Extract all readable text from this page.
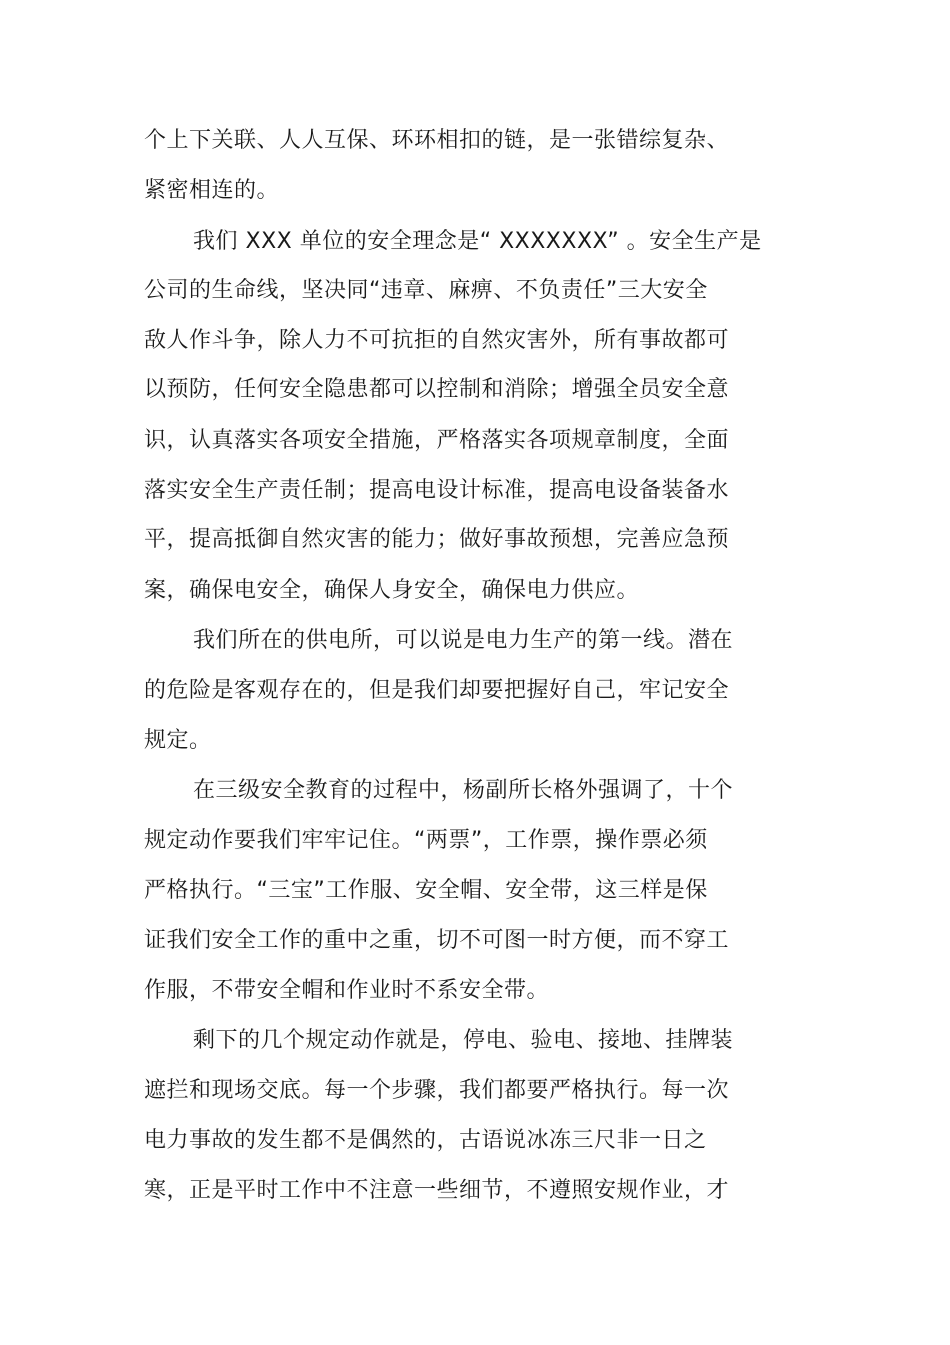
个上下关联、人人互保、环环相扣的链，是一张错综复杂、
紧密相连的。
我们 XXX 单位的安全理念是“ XXXXXXX” 。安全生产是
公司的生命线，坚决同“违章、麻痹、不负责任”三大安全
敌人作斗争，除人力不可抗拒的自然灾害外，所有事故都可
以预防，任何安全隐患都可以控制和消除；增强全员安全意
识，认真落实各项安全措施，严格落实各项规章制度，全面
落实安全生产责任制；提高电设计标准，提高电设备装备水
平，提高抵御自然灾害的能力；做好事故预想，完善应急预
案，确保电安全，确保人身安全，确保电力供应。
我们所在的供电所，可以说是电力生产的第一线。潜在
的危险是客观存在的，但是我们却要把握好自己，牢记安全
规定。
在三级安全教育的过程中，杨副所长格外强调了，十个
规定动作要我们牢牢记住。“两票”，工作票，操作票必须
严格执行。“三宝”工作服、安全帽、安全带，这三样是保
证我们安全工作的重中之重，切不可图一时方便，而不穿工
作服，不带安全帽和作业时不系安全带。
剩下的几个规定动作就是，停电、验电、接地、挂牌装
遮拦和现场交底。每一个步骤，我们都要严格执行。每一次
电力事故的发生都不是偶然的，古语说冰冻三尺非一日之
寒，正是平时工作中不注意一些细节，不遵照安规作业，才
